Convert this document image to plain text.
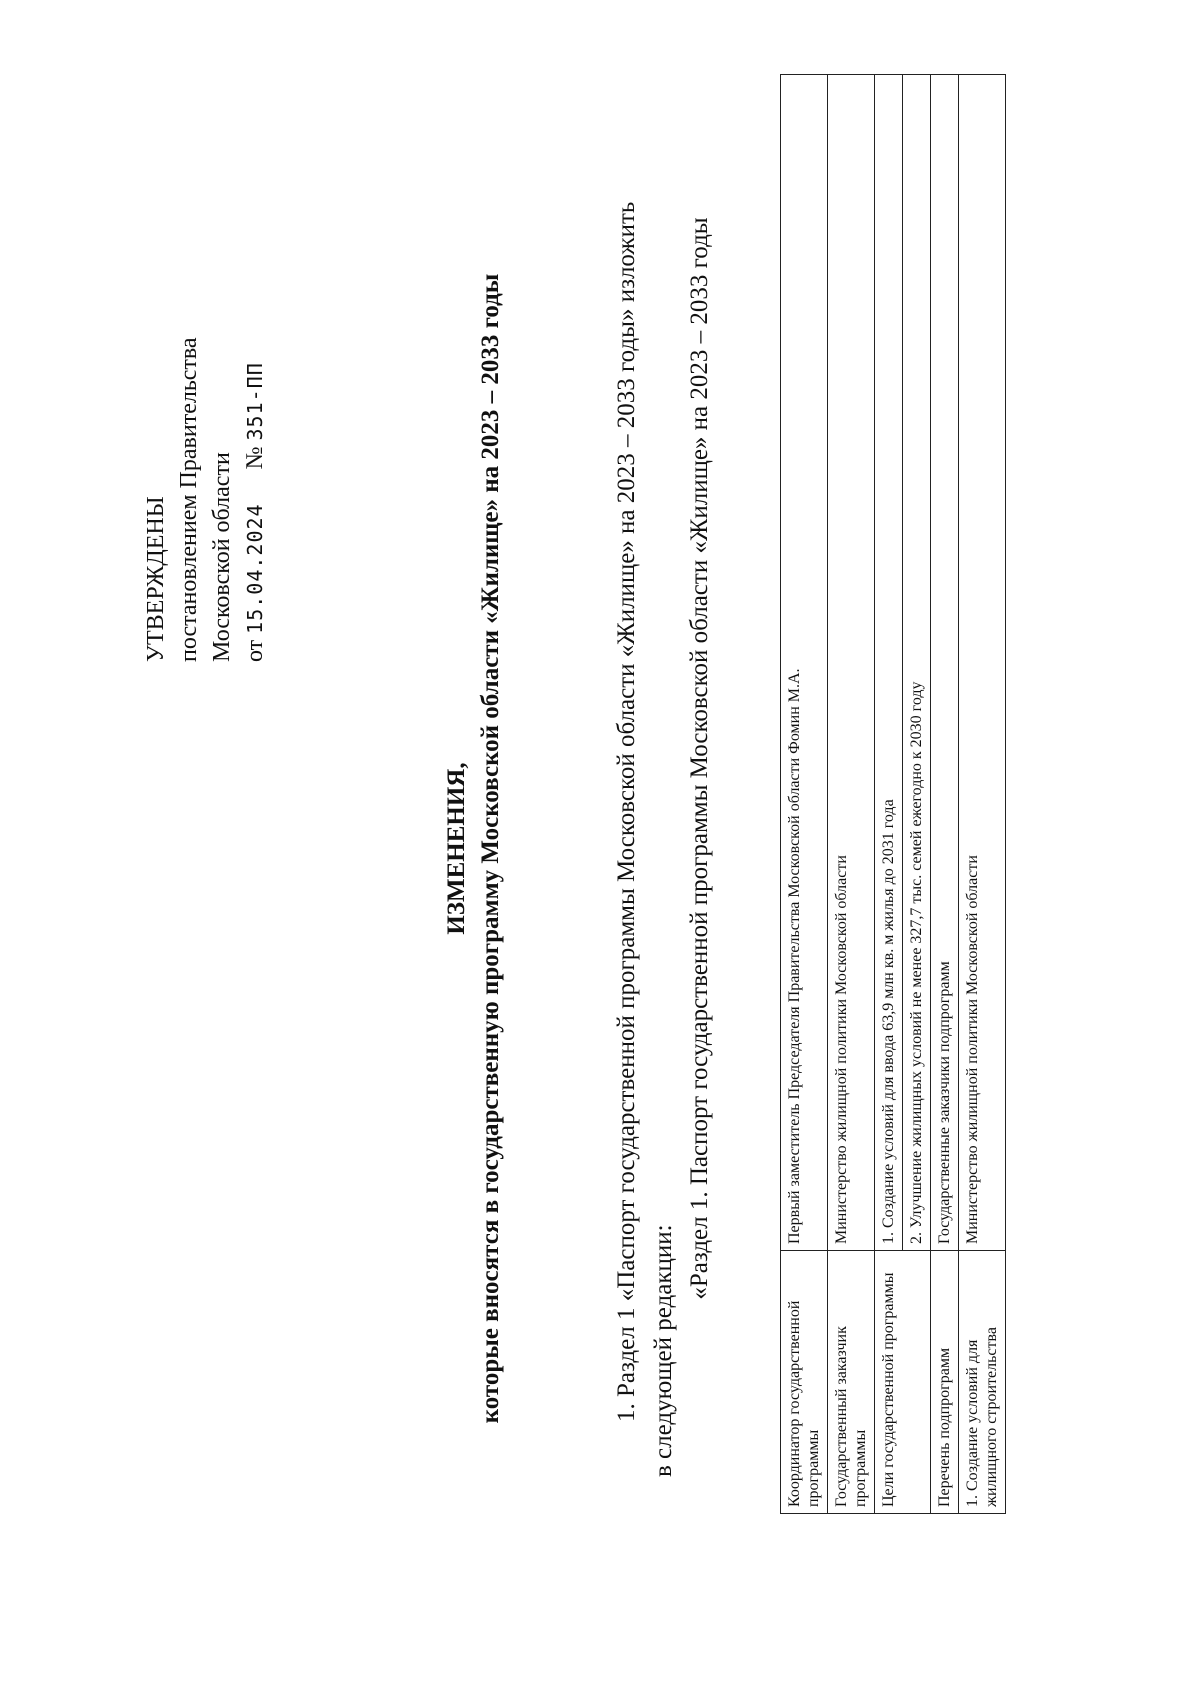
УТВЕРЖДЕНЫ постановлением Правительства Московской области от 15.04.2024 № 351-ПП
ИЗМЕНЕНИЯ, которые вносятся в государственную программу Московской области «Жилище» на 2023 – 2033 годы	1. Раздел 1 «Паспорт государственной программы Московской области «Жилище» на 2023 – 2033 годы» изложить в следующей редакции:
«Раздел 1. Паспорт государственной программы Московской области «Жилище» на 2023 – 2033 годы
Координатор государственной программы	Первый заместитель Председателя Правительства Московской области Фомин М.А.
Государственный заказчик программы	Министерство жилищной политики Московской области
Цели государственной программы	1. Создание условий для ввода 63,9 млн кв. м жилья до 2031 года
	2. Улучшение жилищных условий не менее 327,7 тыс. семей ежегодно к 2030 году
Перечень подпрограмм	Государственные заказчики подпрограмм
1. Создание условий для жилищного строительства	Министерство жилищной политики Московской области
